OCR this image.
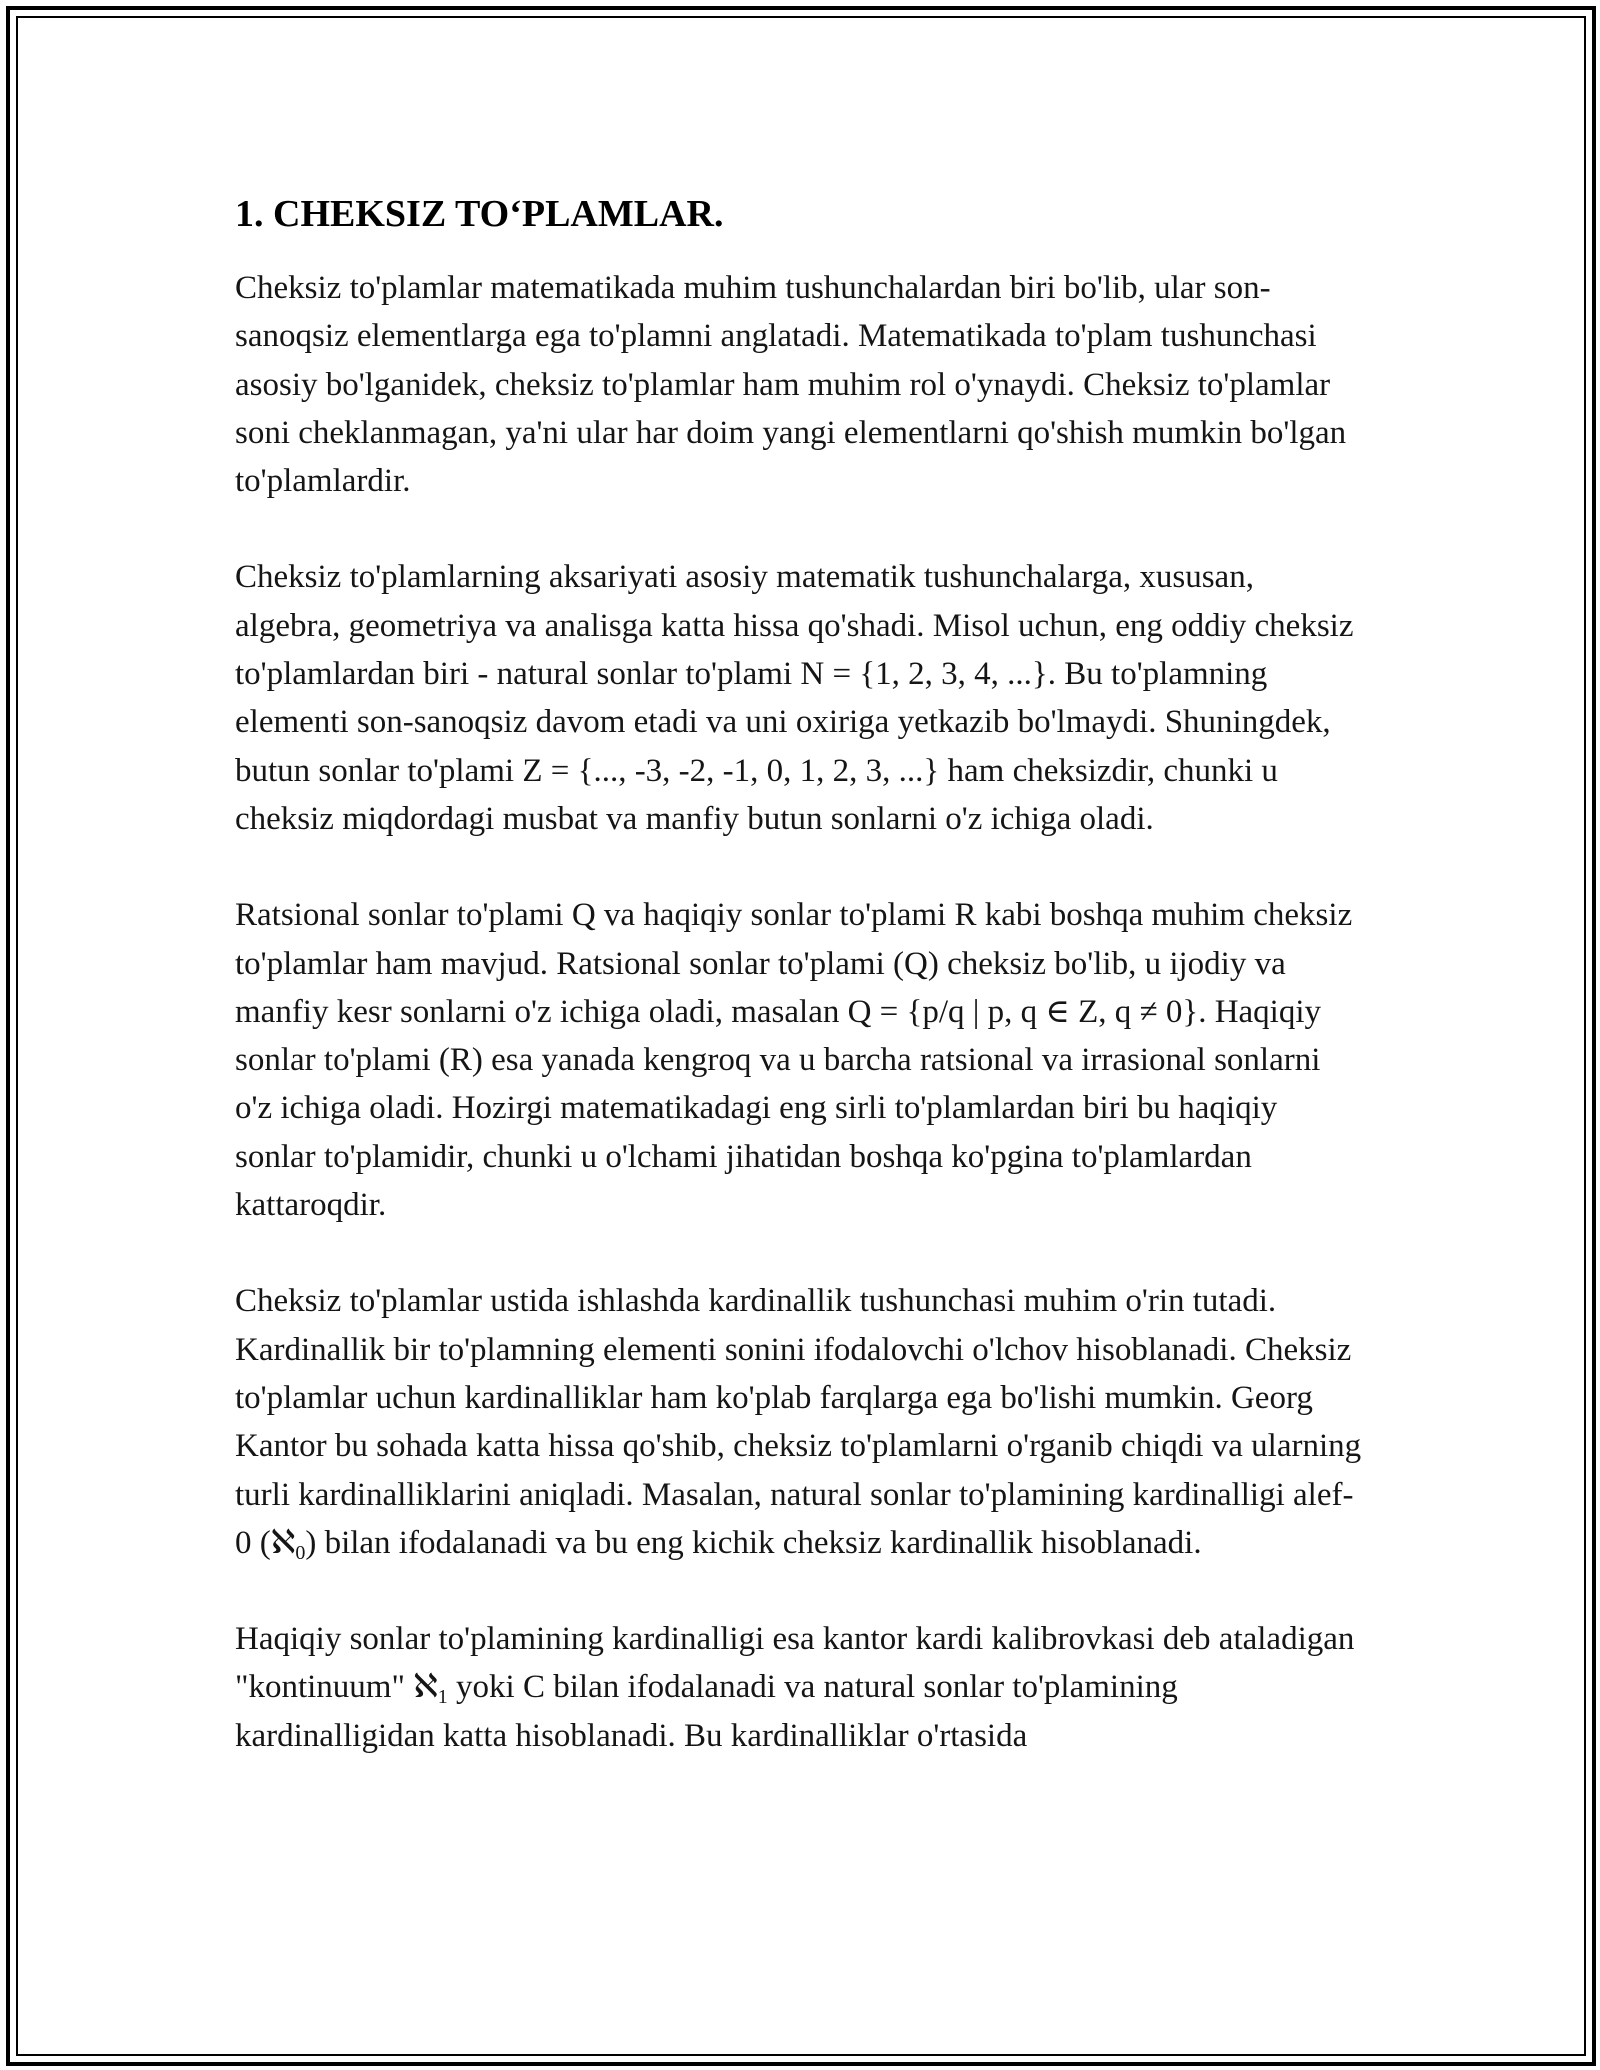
1. CHEKSIZ TO‘PLAMLAR.

Cheksiz to'plamlar matematikada muhim tushunchalardan biri bo'lib, ular son-sanoqsiz elementlarga ega to'plamni anglatadi. Matematikada to'plam tushunchasi asosiy bo'lganidek, cheksiz to'plamlar ham muhim rol o'ynaydi. Cheksiz to'plamlar soni cheklanmagan, ya'ni ular har doim yangi elementlarni qo'shish mumkin bo'lgan to'plamlardir.

Cheksiz to'plamlarning aksariyati asosiy matematik tushunchalarga, xususan, algebra, geometriya va analisga katta hissa qo'shadi. Misol uchun, eng oddiy cheksiz to'plamlardan biri - natural sonlar to'plami N = {1, 2, 3, 4, ...}. Bu to'plamning elementi son-sanoqsiz davom etadi va uni oxiriga yetkazib bo'lmaydi. Shuningdek, butun sonlar to'plami Z = {..., -3, -2, -1, 0, 1, 2, 3, ...} ham cheksizdir, chunki u cheksiz miqdordagi musbat va manfiy butun sonlarni o'z ichiga oladi.

Ratsional sonlar to'plami Q va haqiqiy sonlar to'plami R kabi boshqa muhim cheksiz to'plamlar ham mavjud. Ratsional sonlar to'plami (Q) cheksiz bo'lib, u ijodiy va manfiy kesr sonlarni o'z ichiga oladi, masalan Q = {p/q | p, q ∈ Z, q ≠ 0}. Haqiqiy sonlar to'plami (R) esa yanada kengroq va u barcha ratsional va irrasional sonlarni o'z ichiga oladi. Hozirgi matematikadagi eng sirli to'plamlardan biri bu haqiqiy sonlar to'plamidir, chunki u o'lchami jihatidan boshqa ko'pgina to'plamlardan kattaroqdir.

Cheksiz to'plamlar ustida ishlashda kardinallik tushunchasi muhim o'rin tutadi. Kardinallik bir to'plamning elementi sonini ifodalovchi o'lchov hisoblanadi. Cheksiz to'plamlar uchun kardinalliklar ham ko'plab farqlarga ega bo'lishi mumkin. Georg Kantor bu sohada katta hissa qo'shib, cheksiz to'plamlarni o'rganib chiqdi va ularning turli kardinalliklarini aniqladi. Masalan, natural sonlar to'plamining kardinalligi alef-0 (ℵ$_0$) bilan ifodalanadi va bu eng kichik cheksiz kardinallik hisoblanadi.

Haqiqiy sonlar to'plamining kardinalligi esa kantor kardi kalibrovkasi deb ataladigan "kontinuum" ℵ$_1$ yoki C bilan ifodalanadi va natural sonlar to'plamining kardinalligidan katta hisoblanadi. Bu kardinalliklar o'rtasida
